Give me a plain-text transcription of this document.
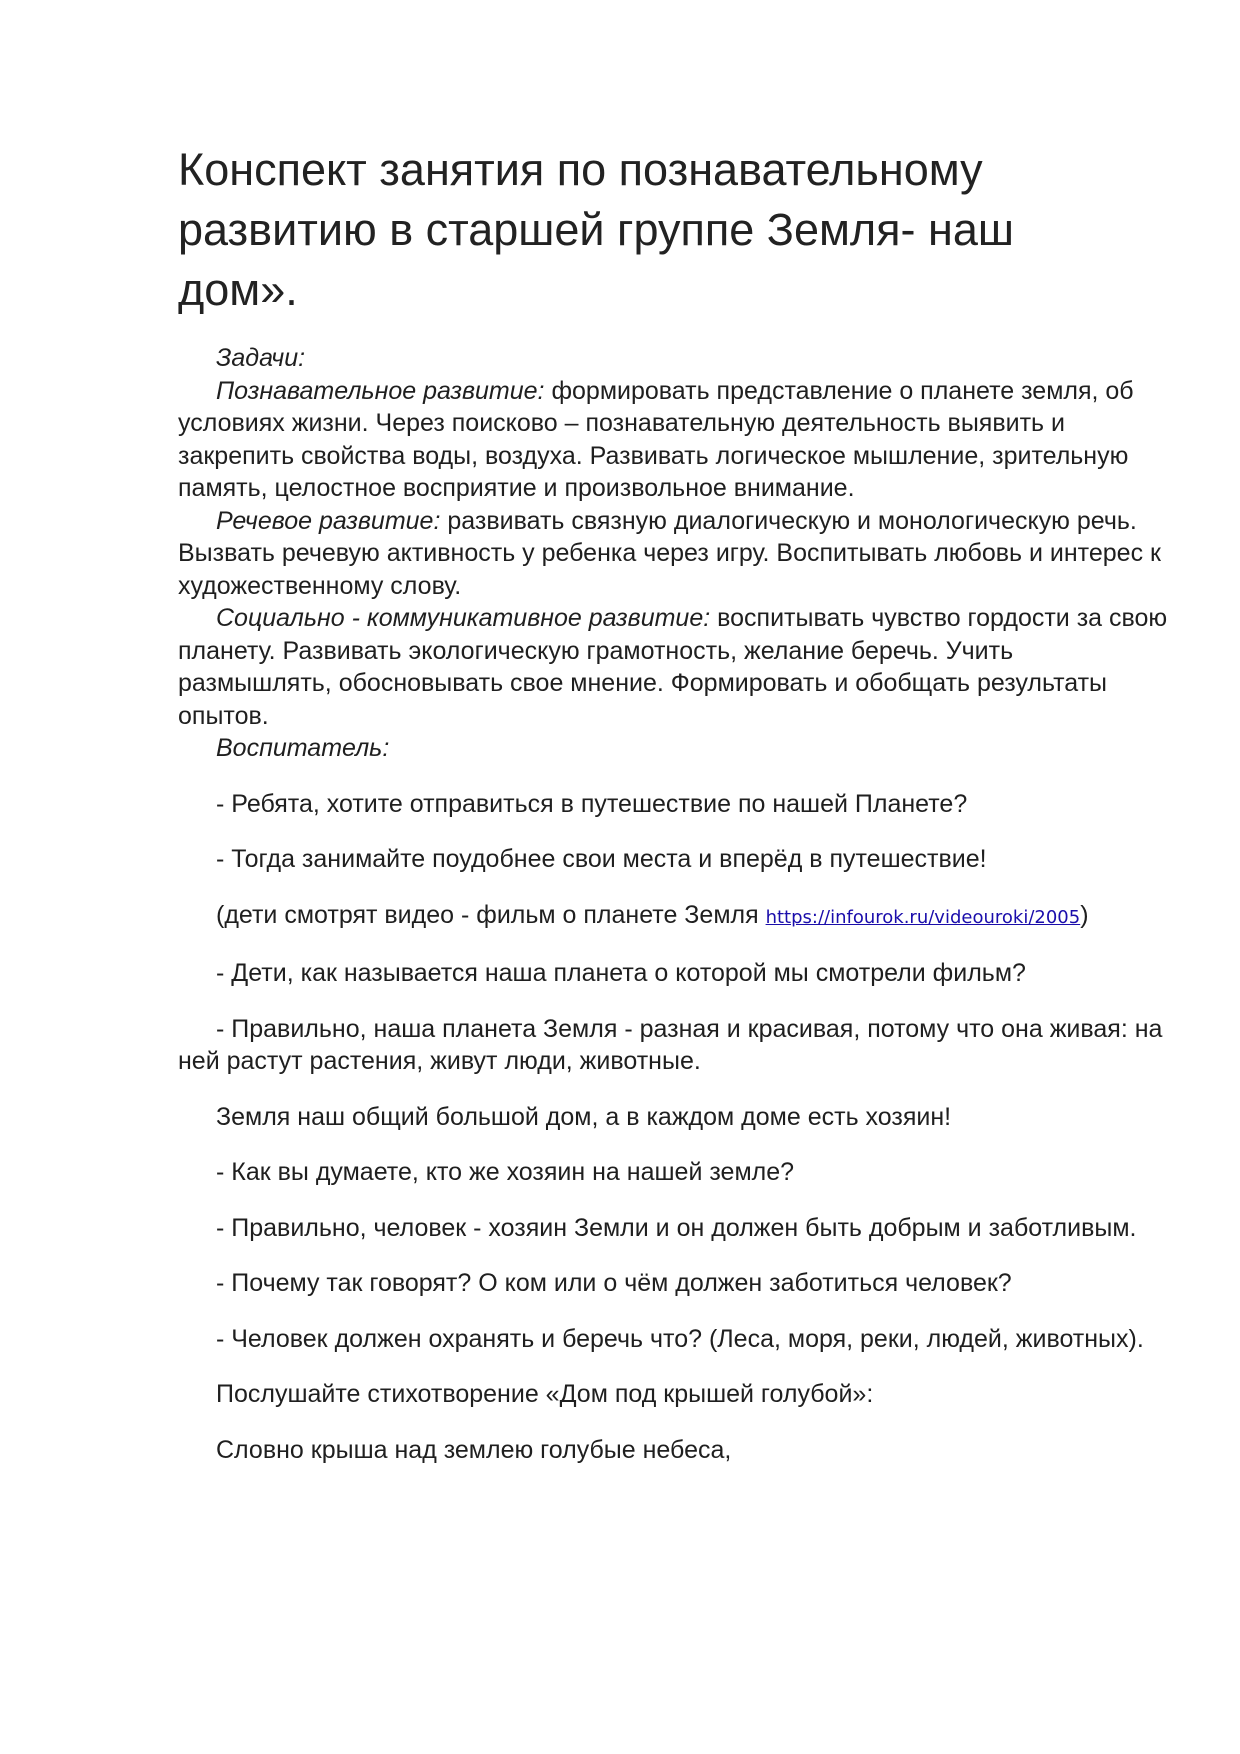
Конспект занятия по познавательному развитию в старшей группе Земля- наш дом».

Задачи:

Познавательное развитие: формировать представление о планете земля, об условиях жизни. Через поисково – познавательную деятельность выявить и закрепить свойства воды, воздуха. Развивать логическое мышление, зрительную память, целостное восприятие и произвольное внимание.

Речевое развитие: развивать связную диалогическую и монологическую речь. Вызвать речевую активность у ребенка через игру. Воспитывать любовь и интерес к художественному слову.

Социально - коммуникативное развитие: воспитывать чувство гордости за свою планету. Развивать экологическую грамотность, желание беречь. Учить размышлять, обосновывать свое мнение. Формировать и обобщать результаты опытов.

Воспитатель:

- Ребята, хотите отправиться в путешествие по нашей Планете?

- Тогда занимайте поудобнее свои места и вперёд в путешествие!

(дети смотрят видео - фильм о планете Земля https://infourok.ru/videouroki/2005)

- Дети, как называется наша планета о которой мы смотрели фильм?

- Правильно, наша планета Земля - разная и красивая, потому что она живая: на ней растут растения, живут люди, животные.

Земля наш общий большой дом, а в каждом доме есть хозяин!

- Как вы думаете, кто же хозяин на нашей земле?

- Правильно, человек - хозяин Земли и он должен быть добрым и заботливым.

- Почему так говорят? О ком или о чём должен заботиться человек?

- Человек должен охранять и беречь что? (Леса, моря, реки, людей, животных).

Послушайте стихотворение «Дом под крышей голубой»:

Словно крыша над землею голубые небеса,
